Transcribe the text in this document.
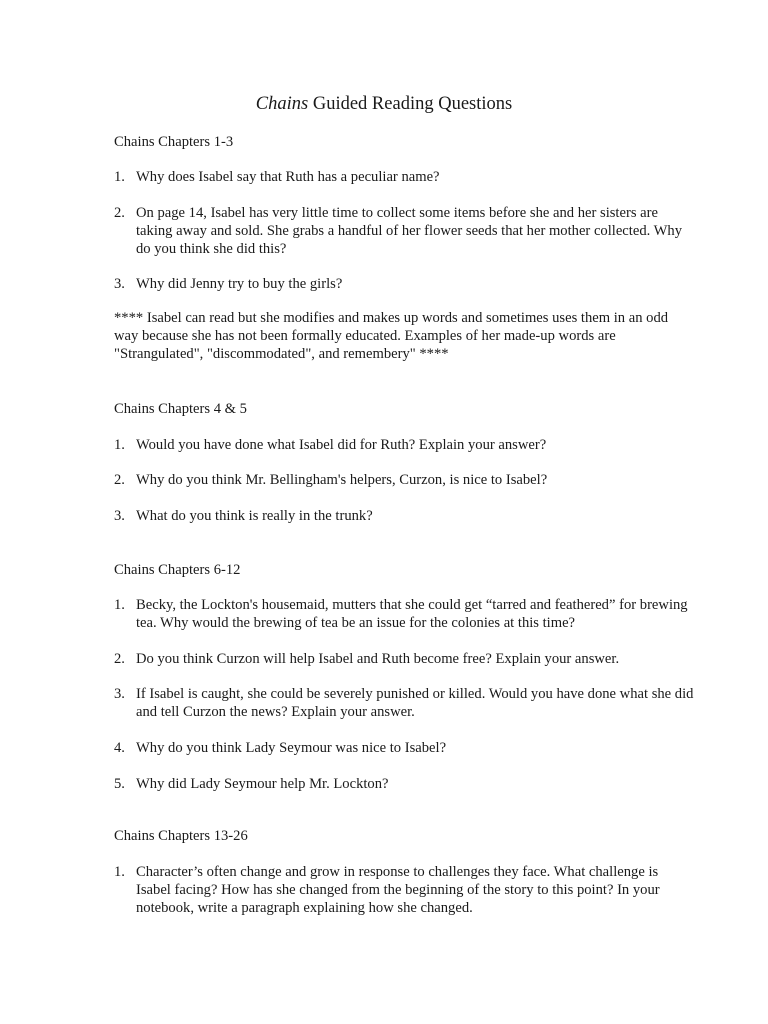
Chains Guided Reading Questions
Chains Chapters 1-3
1. Why does Isabel say that Ruth has a peculiar name?
2. On page 14, Isabel has very little time to collect some items before she and her sisters are taking away and sold. She grabs a handful of her flower seeds that her mother collected. Why do you think she did this?
3. Why did Jenny try to buy the girls?
**** Isabel can read but she modifies and makes up words and sometimes uses them in an odd way because she has not been formally educated. Examples of her made-up words are "Strangulated", "discommodated", and remembery" ****
Chains Chapters 4 & 5
1. Would you have done what Isabel did for Ruth? Explain your answer?
2. Why do you think Mr. Bellingham's helpers, Curzon, is nice to Isabel?
3. What do you think is really in the trunk?
Chains Chapters 6-12
1. Becky, the Lockton's housemaid, mutters that she could get “tarred and feathered” for brewing tea. Why would the brewing of tea be an issue for the colonies at this time?
2. Do you think Curzon will help Isabel and Ruth become free? Explain your answer.
3. If Isabel is caught, she could be severely punished or killed. Would you have done what she did and tell Curzon the news? Explain your answer.
4. Why do you think Lady Seymour was nice to Isabel?
5. Why did Lady Seymour help Mr. Lockton?
Chains Chapters 13-26
1. Character’s often change and grow in response to challenges they face. What challenge is Isabel facing? How has she changed from the beginning of the story to this point? In your notebook, write a paragraph explaining how she changed.
